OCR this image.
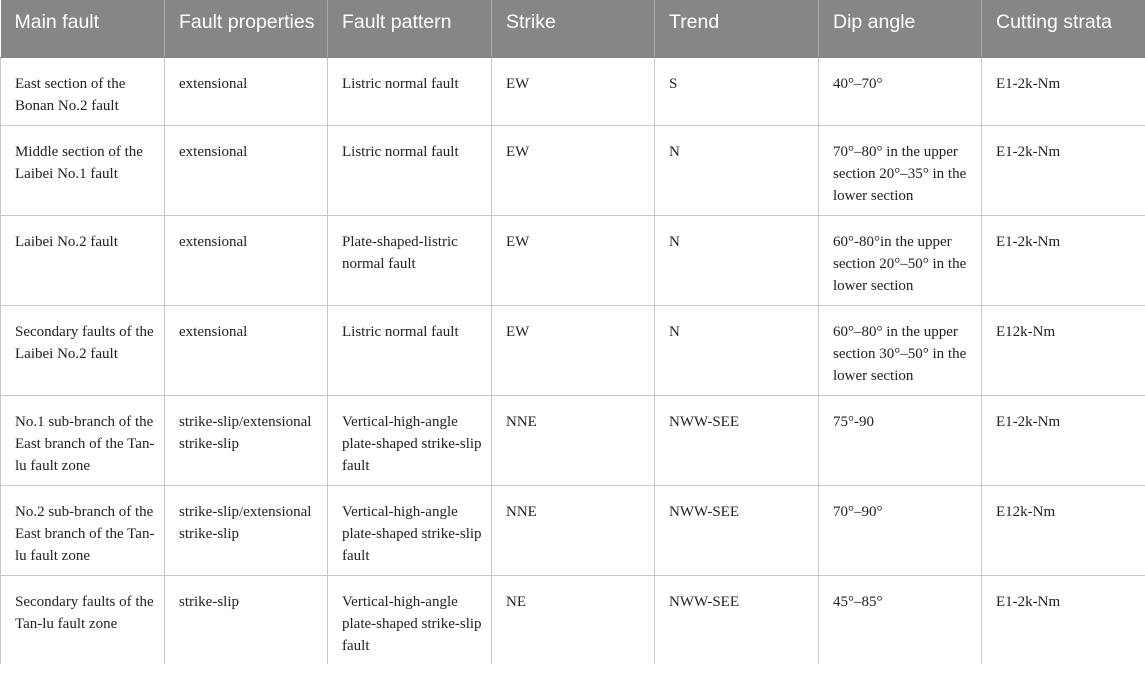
Main fault	Fault properties	Fault pattern	Strike	Trend	Dip angle	Cutting strata
East section of the Bonan No.2 fault	extensional	Listric normal fault	EW	S	40°–70°	E1-2k-Nm
Middle section of the Laibei No.1 fault	extensional	Listric normal fault	EW	N	70°–80° in the upper section 20°–35° in the lower section	E1-2k-Nm
Laibei No.2 fault	extensional	Plate-shaped-listric normal fault	EW	N	60°-80°in the upper section 20°–50° in the lower section	E1-2k-Nm
Secondary faults of the Laibei No.2 fault	extensional	Listric normal fault	EW	N	60°–80° in the upper section 30°–50° in the lower section	E12k-Nm
No.1 sub-branch of the East branch of the Tan-lu fault zone	strike-slip/extensional strike-slip	Vertical-high-angle plate-shaped strike-slip fault	NNE	NWW-SEE	75°-90	E1-2k-Nm
No.2 sub-branch of the East branch of the Tan-lu fault zone	strike-slip/extensional strike-slip	Vertical-high-angle plate-shaped strike-slip fault	NNE	NWW-SEE	70°–90°	E12k-Nm
Secondary faults of the Tan-lu fault zone	strike-slip	Vertical-high-angle plate-shaped strike-slip fault	NE	NWW-SEE	45°–85°	E1-2k-Nm
